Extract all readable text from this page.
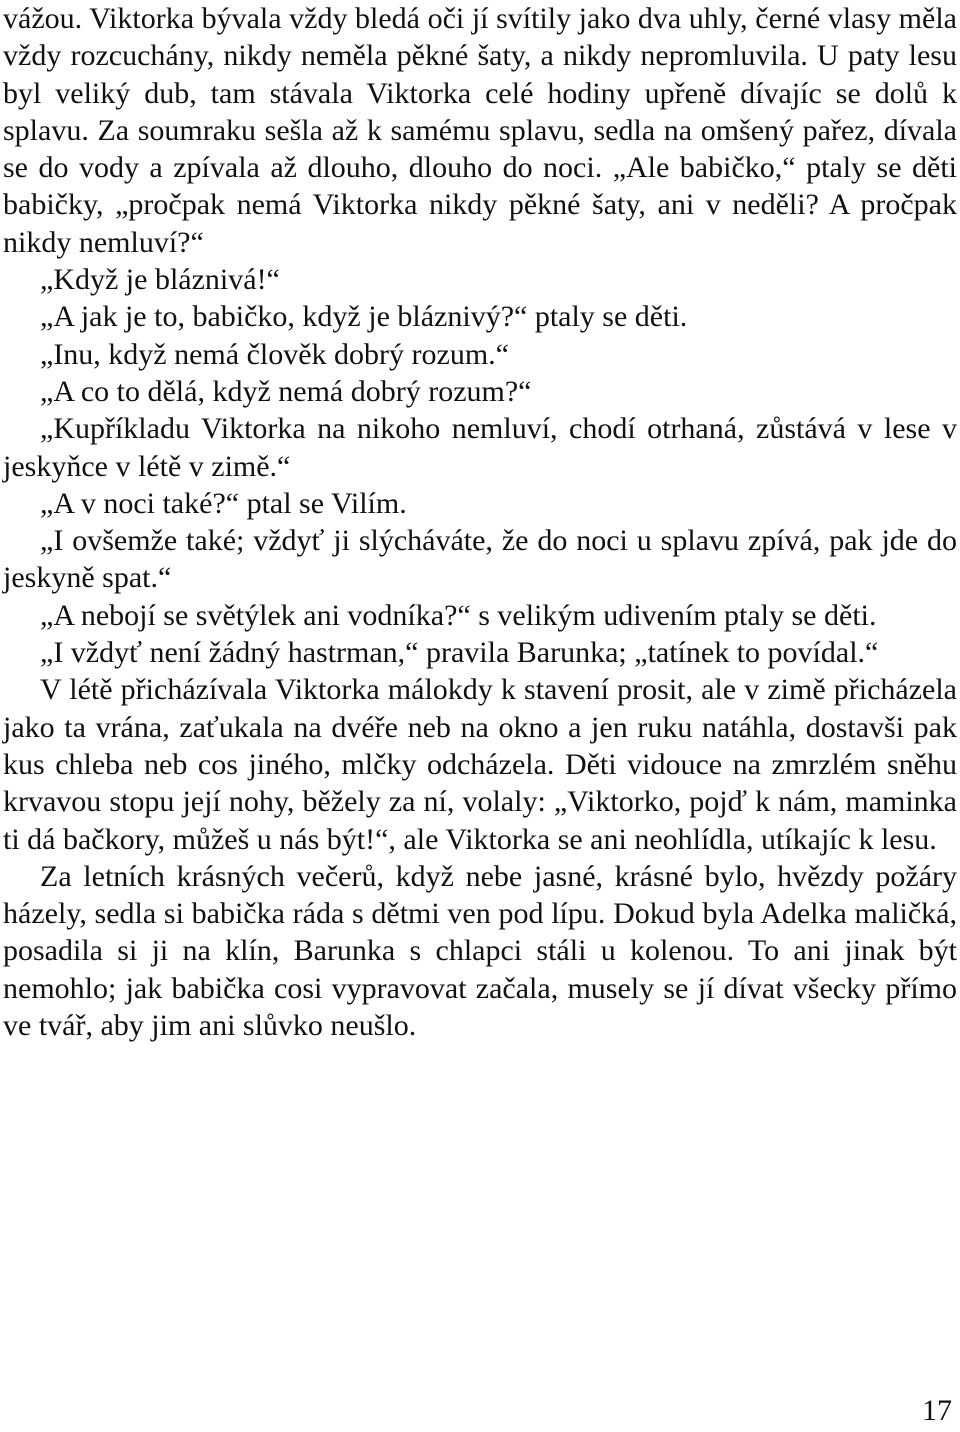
vážou. Viktorka bývala vždy bledá oči jí svítily jako dva uhly, černé vlasy měla vždy rozcuchány, nikdy neměla pěkné šaty, a nikdy nepromluvila. U paty lesu byl veliký dub, tam stávala Viktorka celé hodiny upřeně dívajíc se dolů k splavu. Za soumraku sešla až k samému splavu, sedla na omšený pařez, dívala se do vody a zpívala až dlouho, dlouho do noci. „Ale babičko,“ ptaly se děti babičky, „pročpak nemá Viktorka nikdy pěkné šaty, ani v neděli? A pročpak nikdy nemluví?“

„Když je bláznivá!“

„A jak je to, babičko, když je bláznivý?“ ptaly se děti.

„Inu, když nemá člověk dobrý rozum.“

„A co to dělá, když nemá dobrý rozum?“

„Kupříkladu Viktorka na nikoho nemluví, chodí otrhaná, zůstává v lese v jeskyňce v létě v zimě.“

„A v noci také?“ ptal se Vilím.

„I ovšemže také; vždyť ji slýcháváte, že do noci u splavu zpívá, pak jde do jeskyně spat.“

„A nebojí se světýlek ani vodníka?“ s velikým udivením ptaly se děti.

„I vždyť není žádný hastrman,“ pravila Barunka; „tatínek to povídal.“

V létě přicházívala Viktorka málokdy k stavení prosit, ale v zimě přicházela jako ta vrána, zaťukala na dvéře neb na okno a jen ruku natáhla, dostavši pak kus chleba neb cos jiného, mlčky odcházela. Děti vidouce na zmrzlém sněhu krvavou stopu její nohy, běžely za ní, volaly: „Viktorko, pojď k nám, maminka ti dá bačkory, můžeš u nás být!“, ale Viktorka se ani neohlídla, utíkajíc k lesu.

Za letních krásných večerů, když nebe jasné, krásné bylo, hvězdy požáry házely, sedla si babička ráda s dětmi ven pod lípu. Dokud byla Adelka maličká, posadila si ji na klín, Barunka s chlapci stáli u kolenou. To ani jinak být nemohlo; jak babička cosi vypravovat začala, musely se jí dívat všecky přímo ve tvář, aby jim ani slůvko neušlo.

17
